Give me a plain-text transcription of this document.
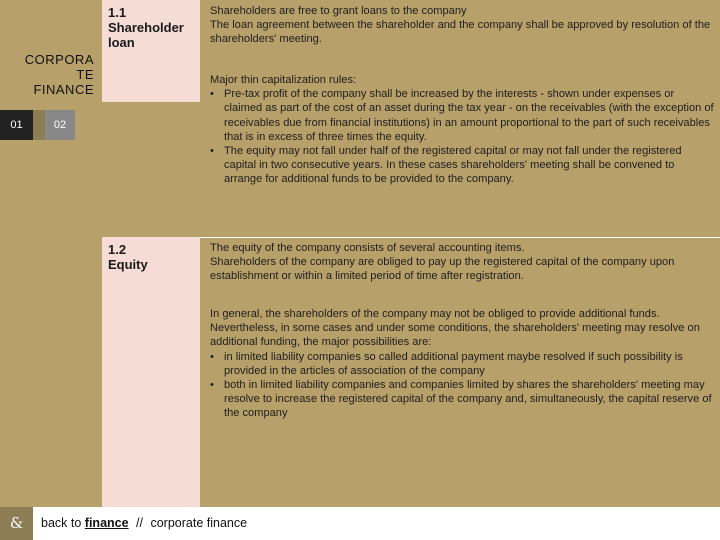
CORPORA
TE
FINANCE
01	02
1.1
Shareholder
loan
1.2
Equity

Shareholders are free to grant loans to the company

The loan agreement between the shareholder and the company shall be approved by resolution of the shareholders' meeting.

Major thin capitalization rules:

• Pre-tax profit of the company shall be increased by the interests - shown under expenses or claimed as part of the cost of an asset during the tax year - on the receivables (with the exception of receivables due from financial institutions) in an amount proportional to the part of such receivables that is in excess of three times the equity.
• The equity may not fall under half of the registered capital or may not fall under the registered capital in two consecutive years. In these cases shareholders' meeting shall be convened to arrange for additional funds to be provided to the company.

The equity of the company consists of several accounting items.

Shareholders of the company are obliged to pay up the registered capital of the company upon establishment or within a limited period of time after registration.

In general, the shareholders of the company may not be obliged to provide additional funds. Nevertheless, in some cases and under some conditions, the shareholders' meeting may resolve on additional funding, the major possibilities are:

• in limited liability companies so called additional payment maybe resolved if such possibility is provided in the articles of association of the company
• both in limited liability companies and companies limited by shares the shareholders' meeting may resolve to increase the registered capital of the company and, simultaneously, the capital reserve of the company
&	back to finance // corporate finance
